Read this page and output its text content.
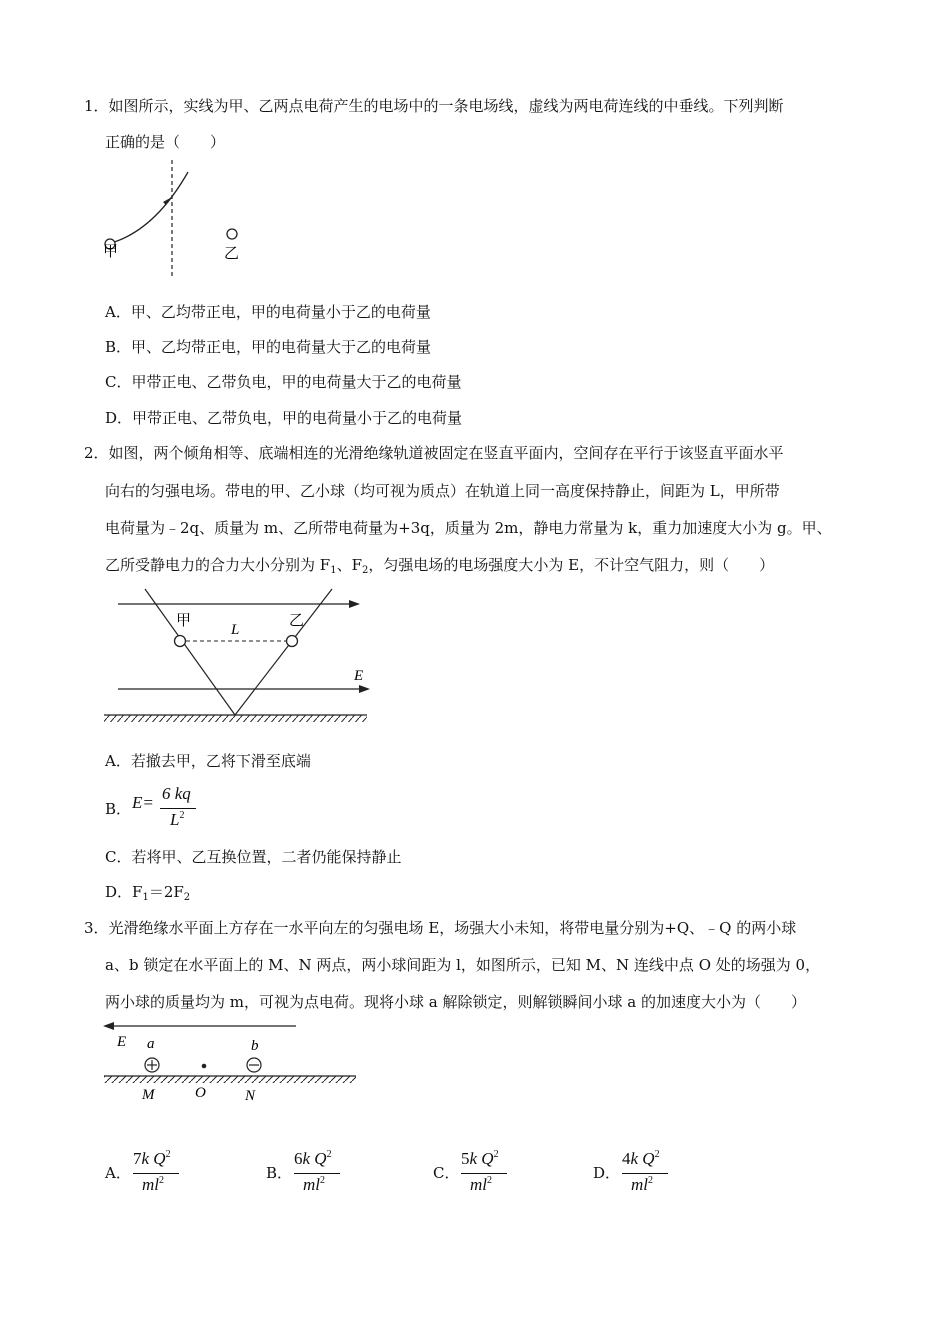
1．如图所示，实线为甲、乙两点电荷产生的电场中的一条电场线，虚线为两电荷连线的中垂线。下列判断
正确的是（　　）
甲	乙
A．甲、乙均带正电，甲的电荷量小于乙的电荷量
B．甲、乙均带正电，甲的电荷量大于乙的电荷量
C．甲带正电、乙带负电，甲的电荷量大于乙的电荷量
D．甲带正电、乙带负电，甲的电荷量小于乙的电荷量
2．如图，两个倾角相等、底端相连的光滑绝缘轨道被固定在竖直平面内，空间存在平行于该竖直平面水平
向右的匀强电场。带电的甲、乙小球（均可视为质点）在轨道上同一高度保持静止，间距为 L，甲所带
电荷量为﹣2q、质量为 m、乙所带电荷量为+3q，质量为 2m，静电力常量为 k，重力加速度大小为 g。甲、
乙所受静电力的合力大小分别为 $F_1$、$F_2$，匀强电场的电场强度大小为 E，不计空气阻力，则（　　）
甲	乙
L
E
A．若撤去甲，乙将下滑至底端
B． E= 6 kq
$L^2$
C．若将甲、乙互换位置，二者仍能保持静止
D．$F_1=2F_2$
3．光滑绝缘水平面上方存在一水平向左的匀强电场 E，场强大小未知，将带电量分别为+Q、﹣Q 的两小球
a、b 锁定在水平面上的 M、N 两点，两小球间距为 l，如图所示，已知 M、N 连线中点 O 处的场强为 0，
两小球的质量均为 m，可视为点电荷。现将小球 a 解除锁定，则解锁瞬间小球 a 的加速度大小为（　　）
E a	b
M	O	N
A．
7k $Q^2$
$ml^2$	B．
6k $Q^2$
$ml^2$	C．
5k $Q^2$
$ml^2$	D．
4k $Q^2$
$ml^2$
